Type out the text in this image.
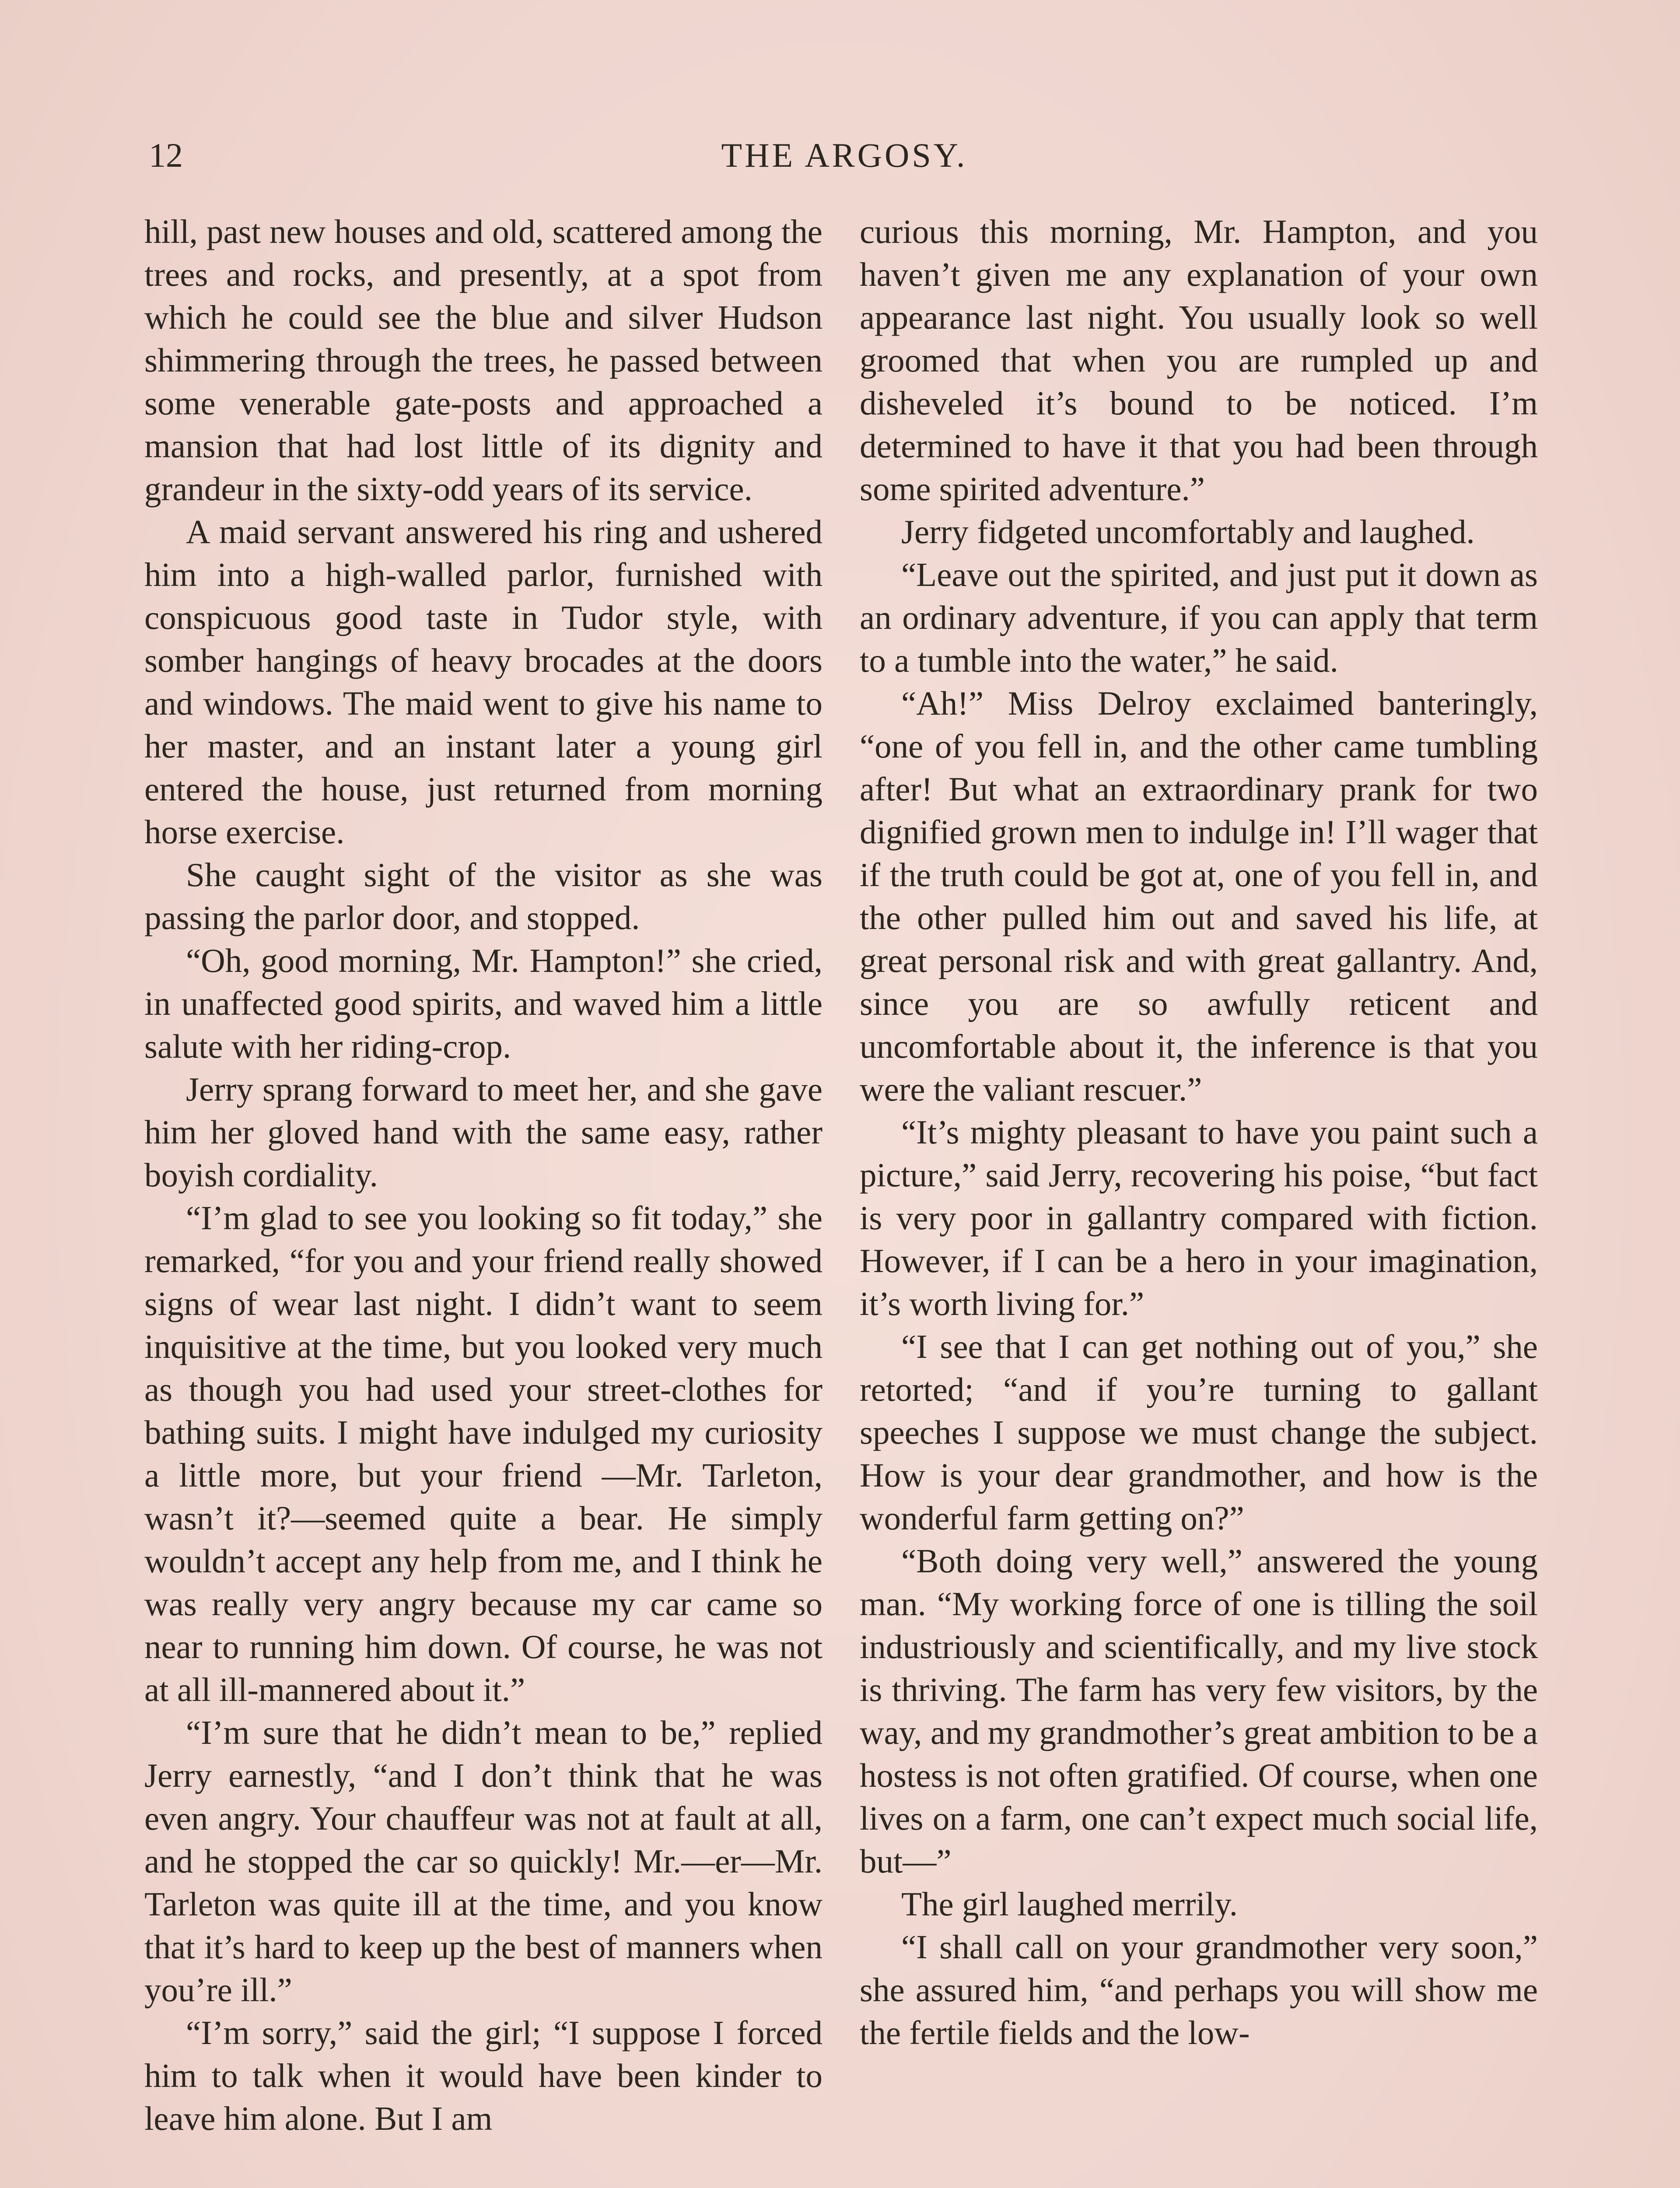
12	THE ARGOSY.

hill, past new houses and old, scattered among the trees and rocks, and presently, at a spot from which he could see the blue and silver Hudson shimmering through the trees, he passed between some venerable gate-posts and approached a mansion that had lost little of its dignity and grandeur in the sixty-odd years of its service.

A maid servant answered his ring and ushered him into a high-walled parlor, furnished with conspicuous good taste in Tudor style, with somber hangings of heavy brocades at the doors and windows. The maid went to give his name to her master, and an instant later a young girl entered the house, just returned from morning horse exercise.

She caught sight of the visitor as she was passing the parlor door, and stopped.

“Oh, good morning, Mr. Hampton!” she cried, in unaffected good spirits, and waved him a little salute with her riding-crop.

Jerry sprang forward to meet her, and she gave him her gloved hand with the same easy, rather boyish cordiality.

“I’m glad to see you looking so fit today,” she remarked, “for you and your friend really showed signs of wear last night. I didn’t want to seem inquisitive at the time, but you looked very much as though you had used your street-clothes for bathing suits. I might have indulged my curiosity a little more, but your friend —Mr. Tarleton, wasn’t it?—seemed quite a bear. He simply wouldn’t accept any help from me, and I think he was really very angry because my car came so near to running him down. Of course, he was not at all ill-mannered about it.”

“I’m sure that he didn’t mean to be,” replied Jerry earnestly, “and I don’t think that he was even angry. Your chauffeur was not at fault at all, and he stopped the car so quickly! Mr.—er—Mr. Tarleton was quite ill at the time, and you know that it’s hard to keep up the best of manners when you’re ill.”

“I’m sorry,” said the girl; “I suppose I forced him to talk when it would have been kinder to leave him alone. But I am

curious this morning, Mr. Hampton, and you haven’t given me any explanation of your own appearance last night. You usually look so well groomed that when you are rumpled up and disheveled it’s bound to be noticed. I’m determined to have it that you had been through some spirited adventure.”

Jerry fidgeted uncomfortably and laughed.

“Leave out the spirited, and just put it down as an ordinary adventure, if you can apply that term to a tumble into the water,” he said.

“Ah!” Miss Delroy exclaimed banteringly, “one of you fell in, and the other came tumbling after! But what an extraordinary prank for two dignified grown men to indulge in! I’ll wager that if the truth could be got at, one of you fell in, and the other pulled him out and saved his life, at great personal risk and with great gallantry. And, since you are so awfully reticent and uncomfortable about it, the inference is that you were the valiant rescuer.”

“It’s mighty pleasant to have you paint such a picture,” said Jerry, recovering his poise, “but fact is very poor in gallantry compared with fiction. However, if I can be a hero in your imagination, it’s worth living for.”

“I see that I can get nothing out of you,” she retorted; “and if you’re turning to gallant speeches I suppose we must change the subject. How is your dear grandmother, and how is the wonderful farm getting on?”

“Both doing very well,” answered the young man. “My working force of one is tilling the soil industriously and scientifically, and my live stock is thriving. The farm has very few visitors, by the way, and my grandmother’s great ambition to be a hostess is not often gratified. Of course, when one lives on a farm, one can’t expect much social life, but—”

The girl laughed merrily.

“I shall call on your grandmother very soon,” she assured him, “and perhaps you will show me the fertile fields and the low-
